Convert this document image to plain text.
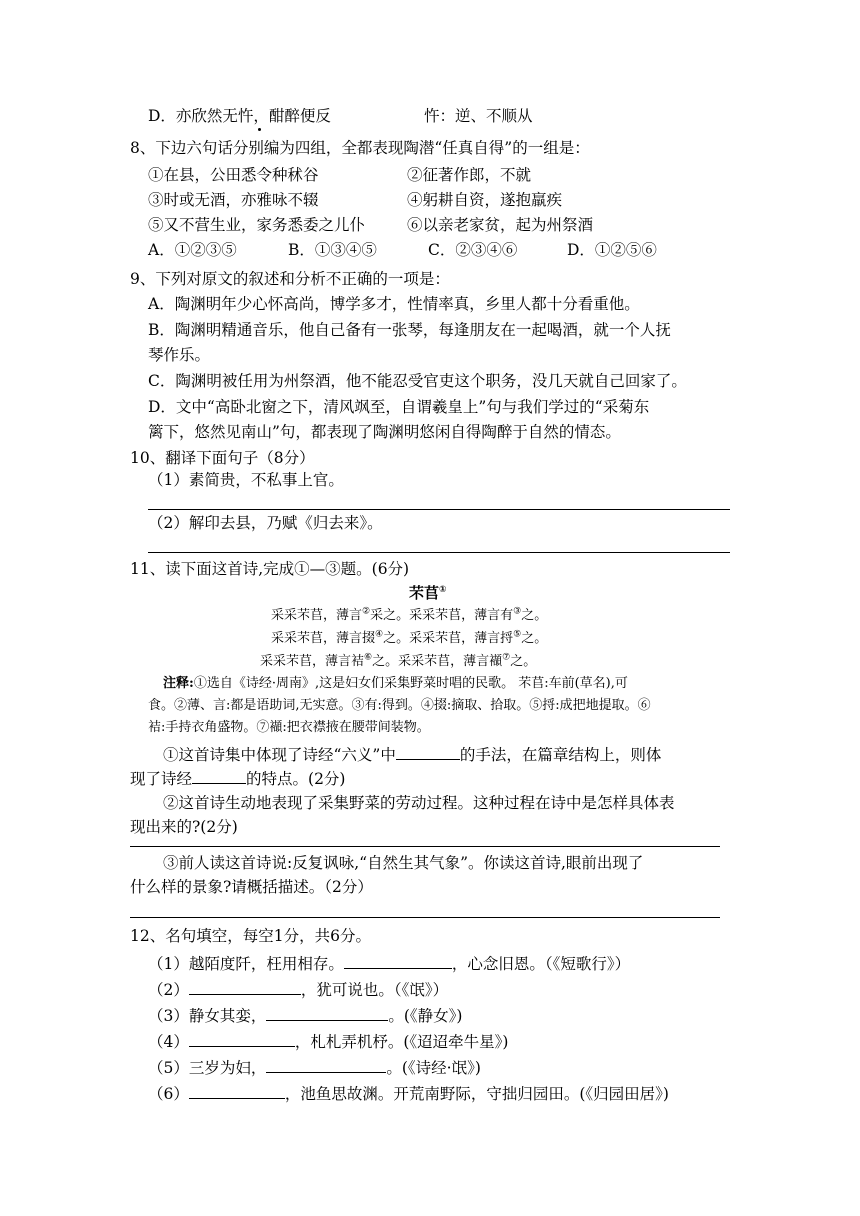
D．亦欣然无忤，酣醉便反	忤：逆、不顺从
8、下边六句话分别编为四组，全都表现陶潜“任真自得”的一组是：
①在县，公田悉令种秫谷	②征著作郎，不就
③时或无酒，亦雅咏不辍	④躬耕自资，遂抱羸疾
⑤又不营生业，家务悉委之儿仆	⑥以亲老家贫，起为州祭酒
A．①②③⑤	B．①③④⑤	C．②③④⑥	D．①②⑤⑥
9、下列对原文的叙述和分析不正确的一项是：
A．陶渊明年少心怀高尚，博学多才，性情率真，乡里人都十分看重他。
B．陶渊明精通音乐，他自己备有一张琴，每逢朋友在一起喝酒，就一个人抚
琴作乐。
C．陶渊明被任用为州祭酒，他不能忍受官吏这个职务，没几天就自己回家了。
D．文中“高卧北窗之下，清风飒至，自谓羲皇上”句与我们学过的“采菊东
篱下，悠然见南山”句，都表现了陶渊明悠闲自得陶醉于自然的情态。
10、翻译下面句子（8分）
（1）素简贵，不私事上官。
（2）解印去县，乃赋《归去来》。
11、读下面这首诗,完成①—③题。(6分)
芣苢①
采采芣苢，薄言②采之。采采芣苢，薄言有③之。
采采芣苢，薄言掇④之。采采芣苢，薄言捋⑤之。
采采芣苢，薄言袺⑥之。采采芣苢，薄言襭⑦之。
注释:①选自《诗经·周南》,这是妇女们采集野菜时唱的民歌。 芣苢:车前(草名),可
食。②薄、言:都是语助词,无实意。③有:得到。④掇:摘取、拾取。⑤捋:成把地提取。⑥
袺:手持衣角盛物。⑦襭:把衣襟掖在腰带间装物。
①这首诗集中体现了诗经“六义”中	的手法，在篇章结构上，则体
现了诗经	的特点。(2分)
②这首诗生动地表现了采集野菜的劳动过程。这种过程在诗中是怎样具体表
现出来的?(2分)
③前人读这首诗说:反复讽咏,“自然生其气象”。你读这首诗,眼前出现了
什么样的景象?请概括描述。（2分）
12、名句填空，每空1分，共6分。
（1）越陌度阡，枉用相存。	，心念旧恩。（《短歌行》）
（2）	，犹可说也。（《氓》）
（3）静女其娈，	。(《静女》)
（4）	，札札弄机杼。(《迢迢牵牛星》)
（5）三岁为妇，	。(《诗经·氓》)
（6）	，池鱼思故渊。开荒南野际，守拙归园田。(《归园田居》)
